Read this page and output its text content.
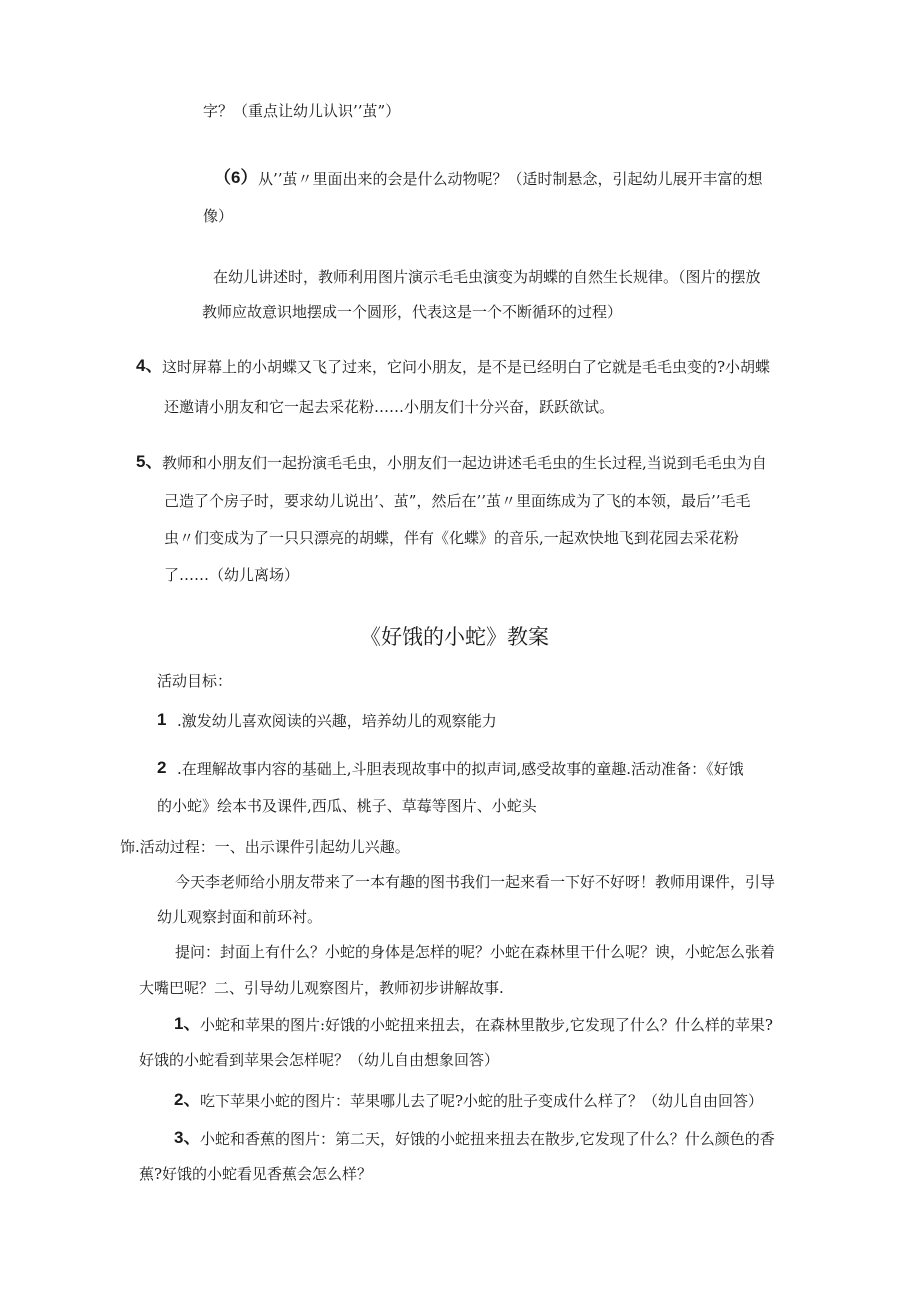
字？（重点让幼儿认识’’茧”）
（6） 从’’茧〃里面出来的会是什么动物呢？（适时制悬念，引起幼儿展开丰富的想
像）
在幼儿讲述时，教师利用图片演示毛毛虫演变为胡蝶的自然生长规律。（图片的摆放
教师应故意识地摆成一个圆形，代表这是一个不断循环的过程）
4、 这时屏幕上的小胡蝶又飞了过来，它问小朋友，是不是已经明白了它就是毛毛虫变的?小胡蝶
还邀请小朋友和它一起去采花粉……小朋友们十分兴奋，跃跃欲试。
5、 教师和小朋友们一起扮演毛毛虫，小朋友们一起边讲述毛毛虫的生长过程,当说到毛毛虫为自
己造了个房子时，要求幼儿说出’、茧”，然后在’’茧〃里面练成为了飞的本领，最后’’毛毛
虫〃们变成为了一只只漂亮的胡蝶，伴有《化蝶》的音乐,一起欢快地飞到花园去采花粉
了……（幼儿离场）
《好饿的小蛇》教案
活动目标：
1 .激发幼儿喜欢阅读的兴趣，培养幼儿的观察能力
2 .在理解故事内容的基础上,斗胆表现故事中的拟声词,感受故事的童趣.活动准备：《好饿
的小蛇》绘本书及课件,西瓜、桃子、草莓等图片、小蛇头
饰.活动过程：一、出示课件引起幼儿兴趣。
今天李老师给小朋友带来了一本有趣的图书我们一起来看一下好不好呀！教师用课件，引导
幼儿观察封面和前环衬。
提问：封面上有什么？小蛇的身体是怎样的呢？小蛇在森林里干什么呢？谀，小蛇怎么张着
大嘴巴呢？二、引导幼儿观察图片，教师初步讲解故事.
1、 小蛇和苹果的图片:好饿的小蛇扭来扭去，在森林里散步,它发现了什么？什么样的苹果?
好饿的小蛇看到苹果会怎样呢？（幼儿自由想象回答）
2、 吃下苹果小蛇的图片：苹果哪儿去了呢?小蛇的肚子变成什么样了？（幼儿自由回答）
3、 小蛇和香蕉的图片：第二天，好饿的小蛇扭来扭去在散步,它发现了什么？什么颜色的香
蕉?好饿的小蛇看见香蕉会怎么样？
